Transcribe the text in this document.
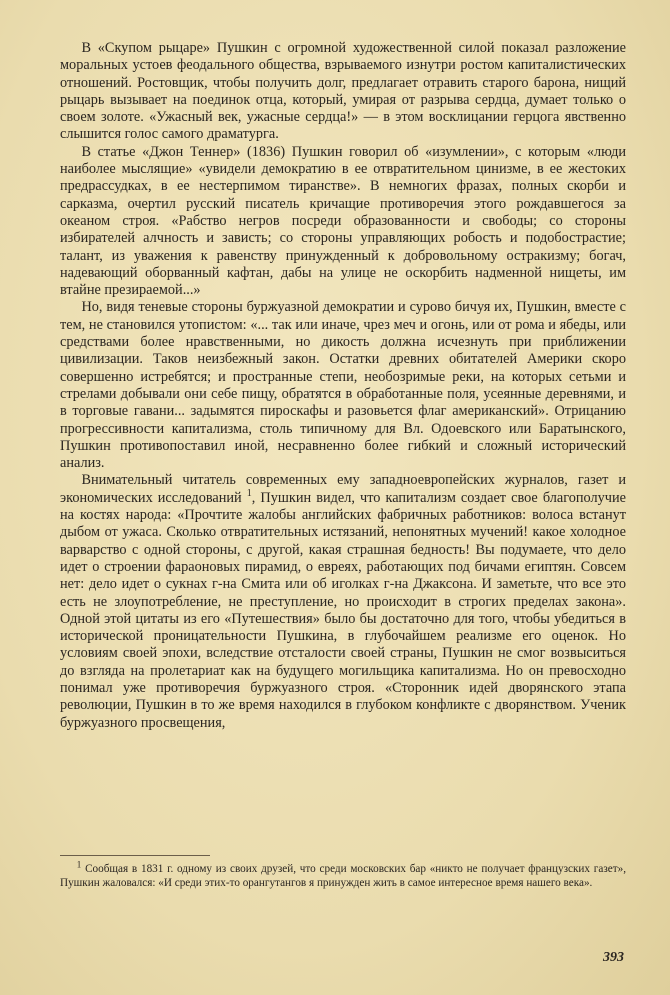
В «Скупом рыцаре» Пушкин с огромной художественной силой показал разложение моральных устоев феодального общества, взрываемого изнутри ростом капиталистических отношений. Ростовщик, чтобы получить долг, предлагает отравить старого барона, нищий рыцарь вызывает на поединок отца, который, умирая от разрыва сердца, думает только о своем золоте. «Ужасный век, ужасные сердца!» — в этом восклицании герцога явственно слышится голос самого драматурга.

В статье «Джон Теннер» (1836) Пушкин говорил об «изумлении», с которым «люди наиболее мыслящие» «увидели демократию в ее отвратительном цинизме, в ее жестоких предрассудках, в ее нестерпимом тиранстве». В немногих фразах, полных скорби и сарказма, очертил русский писатель кричащие противоречия этого рождавшегося за океаном строя. «Рабство негров посреди образованности и свободы; со стороны избирателей алчность и зависть; со стороны управляющих робость и подобострастие; талант, из уважения к равенству принужденный к добровольному остракизму; богач, надевающий оборванный кафтан, дабы на улице не оскорбить надменной нищеты, им втайне презираемой...»

Но, видя теневые стороны буржуазной демократии и сурово бичуя их, Пушкин, вместе с тем, не становился утопистом: «... так или иначе, чрез меч и огонь, или от рома и ябеды, или средствами более нравственными, но дикость должна исчезнуть при приближении цивилизации. Таков неизбежный закон. Остатки древних обитателей Америки скоро совершенно истребятся; и пространные степи, необозримые реки, на которых сетьми и стрелами добывали они себе пищу, обратятся в обработанные поля, усеянные деревнями, и в торговые гавани... задымятся пироскафы и разовьется флаг американский». Отрицанию прогрессивности капитализма, столь типичному для Вл. Одоевского или Баратынского, Пушкин противопоставил иной, несравненно более гибкий и сложный исторический анализ.

Внимательный читатель современных ему западноевропейских журналов, газет и экономических исследований $^1$, Пушкин видел, что капитализм создает свое благополучие на костях народа: «Прочтите жалобы английских фабричных работников: волоса встанут дыбом от ужаса. Сколько отвратительных истязаний, непонятных мучений! какое холодное варварство с одной стороны, с другой, какая страшная бедность! Вы подумаете, что дело идет о строении фараоновых пирамид, о евреях, работающих под бичами египтян. Совсем нет: дело идет о сукнах г-на Смита или об иголках г-на Джаксона. И заметьте, что все это есть не злоупотребление, не преступление, но происходит в строгих пределах закона». Одной этой цитаты из его «Путешествия» было бы достаточно для того, чтобы убедиться в исторической проницательности Пушкина, в глубочайшем реализме его оценок. Но условиям своей эпохи, вследствие отсталости своей страны, Пушкин не смог возвыситься до взгляда на пролетариат как на будущего могильщика капитализма. Но он превосходно понимал уже противоречия буржуазного строя. «Сторонник идей дворянского этапа революции, Пушкин в то же время находился в глубоком конфликте с дворянством. Ученик буржуазного просвещения,

$^1$ Сообщая в 1831 г. одному из своих друзей, что среди московских бар «никто не получает французских газет», Пушкин жаловался: «И среди этих-то орангутангов я принужден жить в самое интересное время нашего века».
393
